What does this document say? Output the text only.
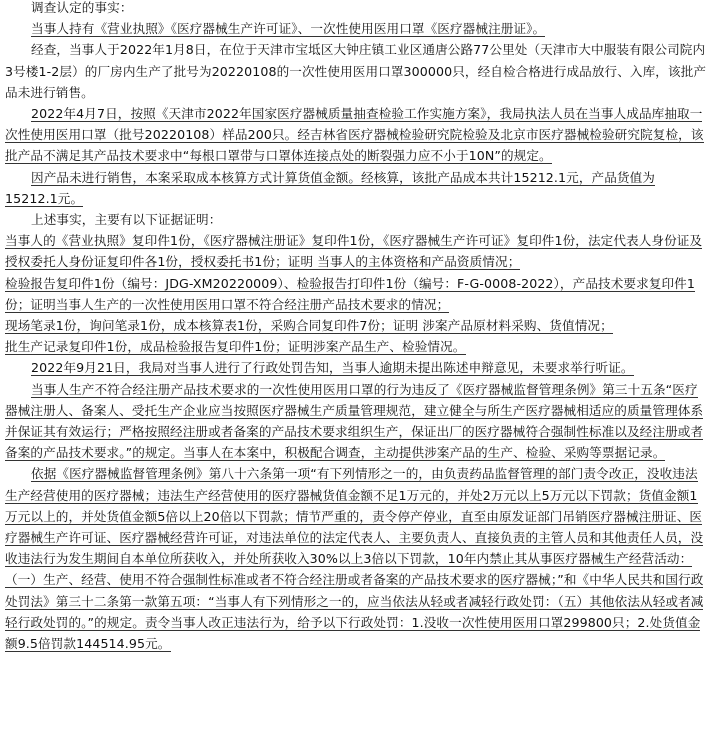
调查认定的事实：

当事人持有《营业执照》《医疗器械生产许可证》、一次性使用医用口罩《医疗器械注册证》。

经查，当事人于2022年1月8日，在位于天津市宝坻区大钟庄镇工业区通唐公路77公里处（天津市大中服装有限公司院内3号楼1-2层）的厂房内生产了批号为20220108的一次性使用医用口罩300000只，经自检合格进行成品放行、入库，该批产品未进行销售。

2022年4月7日，按照《天津市2022年国家医疗器械质量抽查检验工作实施方案》，我局执法人员在当事人成品库抽取一次性使用医用口罩（批号20220108）样品200只。经吉林省医疗器械检验研究院检验及北京市医疗器械检验研究院复检，该批产品不满足其产品技术要求中“每根口罩带与口罩体连接点处的断裂强力应不小于10N”的规定。

因产品未进行销售，本案采取成本核算方式计算货值金额。经核算，该批产品成本共计15212.1元，产品货值为15212.1元。

上述事实，主要有以下证据证明：

当事人的《营业执照》复印件1份，《医疗器械注册证》复印件1份，《医疗器械生产许可证》复印件1份，法定代表人身份证及授权委托人身份证复印件各1份，授权委托书1份；证明 当事人的主体资格和产品资质情况；

检验报告复印件1份（编号：JDG-XM20220009）、检验报告打印件1份（编号：F-G-0008-2022），产品技术要求复印件1份；证明当事人生产的一次性使用医用口罩不符合经注册产品技术要求的情况；

现场笔录1份，询问笔录1份，成本核算表1份，采购合同复印件7份；证明 涉案产品原材料采购、货值情况；

批生产记录复印件1份，成品检验报告复印件1份；证明涉案产品生产、检验情况。

2022年9月21日，我局对当事人进行了行政处罚告知，当事人逾期未提出陈述申辩意见，未要求举行听证。

当事人生产不符合经注册产品技术要求的一次性使用医用口罩的行为违反了《医疗器械监督管理条例》第三十五条“医疗器械注册人、备案人、受托生产企业应当按照医疗器械生产质量管理规范，建立健全与所生产医疗器械相适应的质量管理体系并保证其有效运行；严格按照经注册或者备案的产品技术要求组织生产，保证出厂的医疗器械符合强制性标准以及经注册或者备案的产品技术要求。”的规定。当事人在本案中，积极配合调查，主动提供涉案产品的生产、检验、采购等票据记录。

依据《医疗器械监督管理条例》第八十六条第一项“有下列情形之一的，由负责药品监督管理的部门责令改正，没收违法生产经营使用的医疗器械；违法生产经营使用的医疗器械货值金额不足1万元的，并处2万元以上5万元以下罚款；货值金额1万元以上的，并处货值金额5倍以上20倍以下罚款；情节严重的，责令停产停业，直至由原发证部门吊销医疗器械注册证、医疗器械生产许可证、医疗器械经营许可证，对违法单位的法定代表人、主要负责人、直接负责的主管人员和其他责任人员，没收违法行为发生期间自本单位所获收入，并处所获收入30%以上3倍以下罚款，10年内禁止其从事医疗器械生产经营活动：（一）生产、经营、使用不符合强制性标准或者不符合经注册或者备案的产品技术要求的医疗器械；”和《中华人民共和国行政处罚法》第三十二条第一款第五项：“当事人有下列情形之一的，应当依法从轻或者减轻行政处罚：（五）其他依法从轻或者减轻行政处罚的。”的规定。责令当事人改正违法行为，给予以下行政处罚：1.没收一次性使用医用口罩299800只；2.处货值金额9.5倍罚款144514.95元。
